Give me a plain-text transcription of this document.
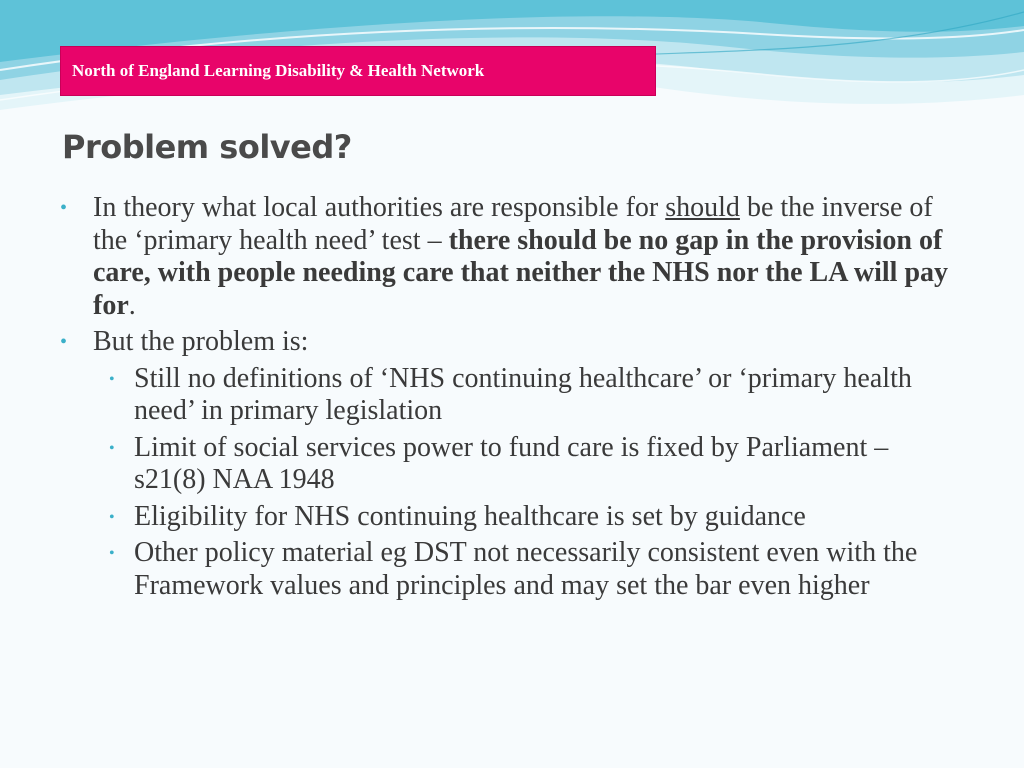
North of England Learning Disability & Health Network
Problem solved?

• In theory what local authorities are responsible for should be the inverse of the ‘primary health need’ test – there should be no gap in the provision of care, with people needing care that neither the NHS nor the LA will pay for.

• But the problem is:

• Still no definitions of ‘NHS continuing healthcare’ or ‘primary health need’ in primary legislation

• Limit of social services power to fund care is fixed by Parliament – s21(8) NAA 1948

• Eligibility for NHS continuing healthcare is set by guidance

• Other policy material eg DST not necessarily consistent even with the Framework values and principles and may set the bar even higher
